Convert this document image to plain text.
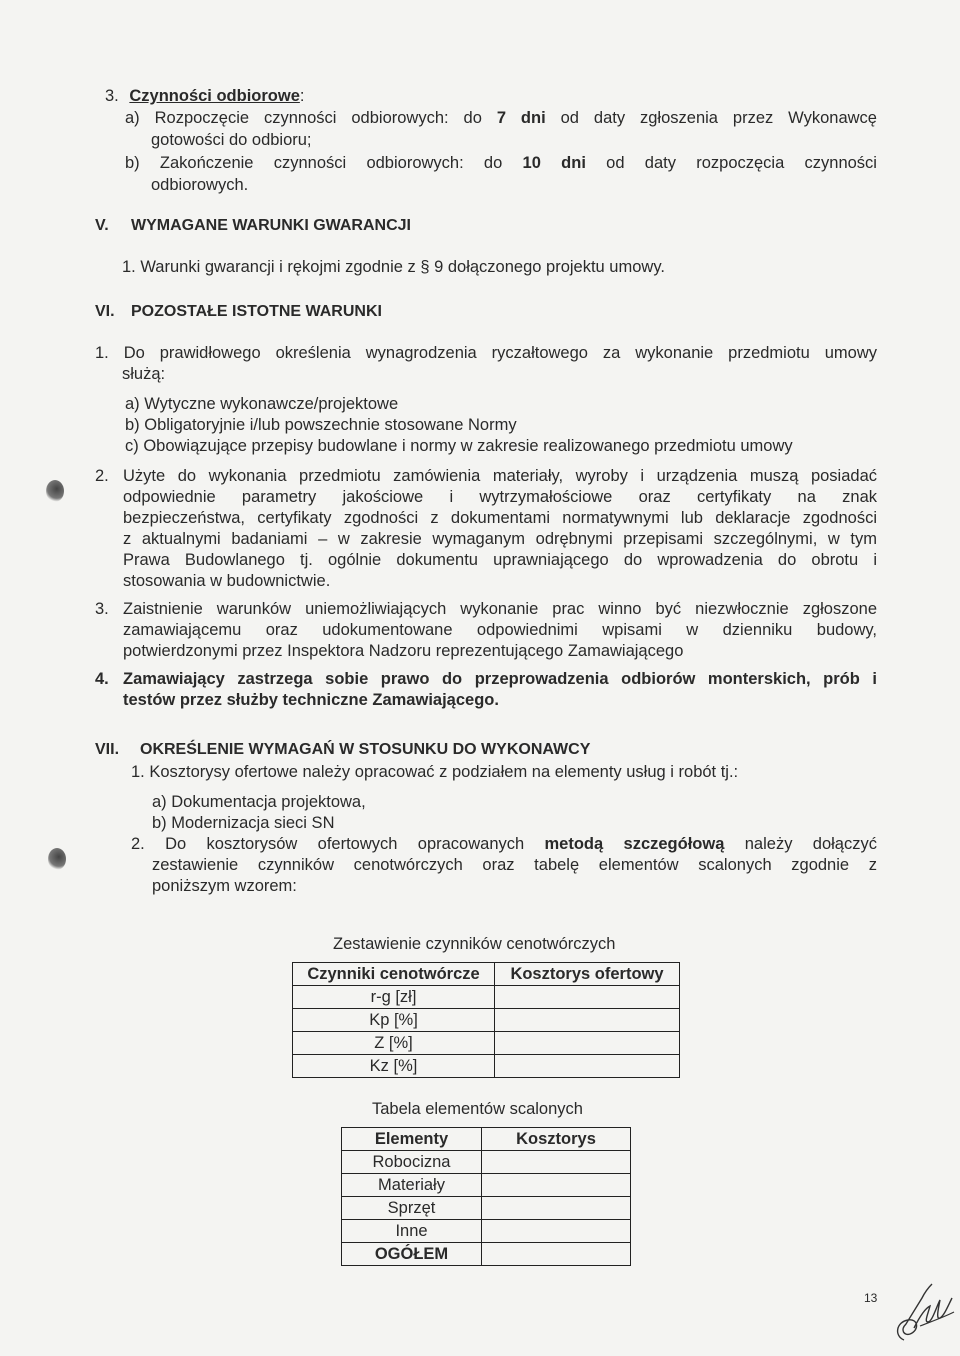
3. Czynności odbiorowe:
a) Rozpoczęcie czynności odbiorowych: do 7 dni od daty zgłoszenia przez Wykonawcę
gotowości do odbioru;
b) Zakończenie czynności odbiorowych: do 10 dni od daty rozpoczęcia czynności
odbiorowych.
V. WYMAGANE WARUNKI GWARANCJI
1. Warunki gwarancji i rękojmi zgodnie z § 9 dołączonego projektu umowy.
VI. POZOSTAŁE ISTOTNE WARUNKI
1. Do prawidłowego określenia wynagrodzenia ryczałtowego za wykonanie przedmiotu umowy
służą:
a) Wytyczne wykonawcze/projektowe
b) Obligatoryjnie i/lub powszechnie stosowane Normy
c) Obowiązujące przepisy budowlane i normy w zakresie realizowanego przedmiotu umowy
2. Użyte do wykonania przedmiotu zamówienia materiały, wyroby i urządzenia muszą posiadać
odpowiednie parametry jakościowe i wytrzymałościowe oraz certyfikaty na znak
bezpieczeństwa, certyfikaty zgodności z dokumentami normatywnymi lub deklaracje zgodności
z aktualnymi badaniami – w zakresie wymaganym odrębnymi przepisami szczególnymi, w tym
Prawa Budowlanego tj. ogólnie dokumentu uprawniającego do wprowadzenia do obrotu i
stosowania w budownictwie.
3. Zaistnienie warunków uniemożliwiających wykonanie prac winno być niezwłocznie zgłoszone
zamawiającemu oraz udokumentowane odpowiednimi wpisami w dzienniku budowy,
potwierdzonymi przez Inspektora Nadzoru reprezentującego Zamawiającego
4. Zamawiający zastrzega sobie prawo do przeprowadzenia odbiorów monterskich, prób i
testów przez służby techniczne Zamawiającego.
VII. OKREŚLENIE WYMAGAŃ W STOSUNKU DO WYKONAWCY
1. Kosztorysy ofertowe należy opracować z podziałem na elementy usług i robót tj.:
a) Dokumentacja projektowa,
b) Modernizacja sieci SN
2. Do kosztorysów ofertowych opracowanych metodą szczegółową należy dołączyć
zestawienie czynników cenotwórczych oraz tabelę elementów scalonych zgodnie z
poniższym wzorem:
Zestawienie czynników cenotwórczych
Czynniki cenotwórcze	Kosztorys ofertowy
r-g [zł]	
Kp [%]	
Z [%]	
Kz [%]	
Tabela elementów scalonych
Elementy	Kosztorys
Robocizna	
Materiały	
Sprzęt	
Inne	
OGÓŁEM	
13
